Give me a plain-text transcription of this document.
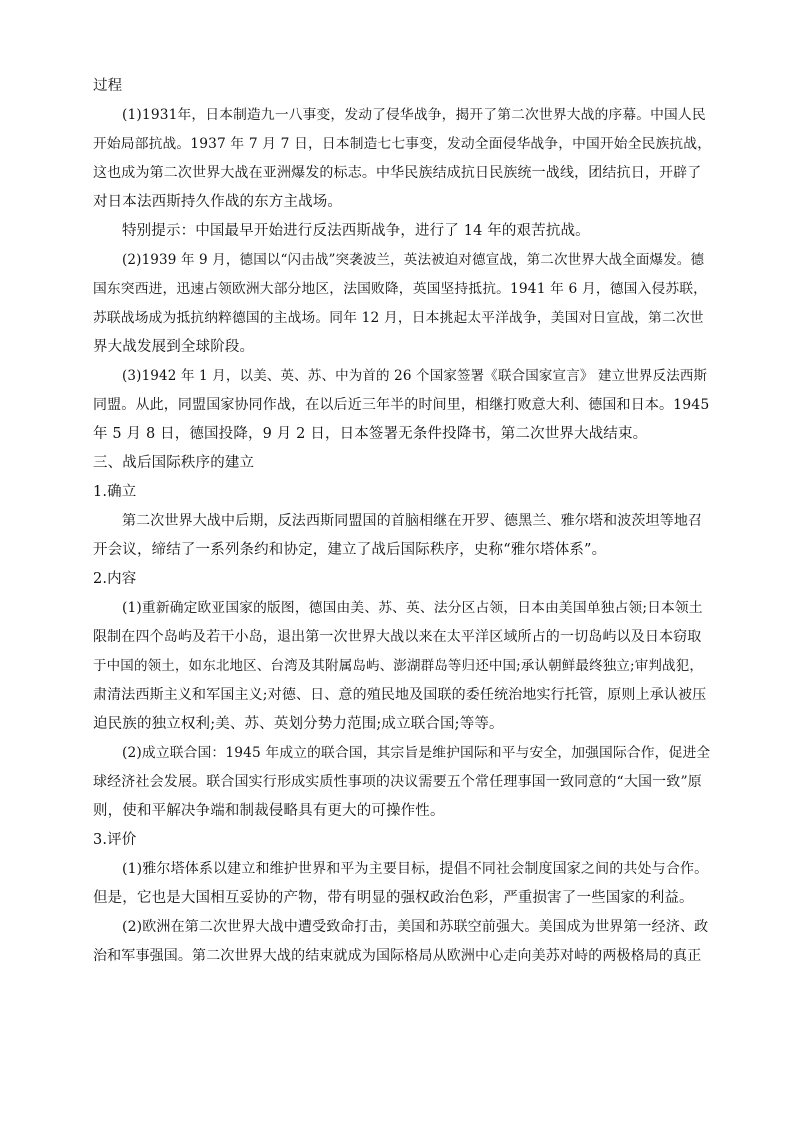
过程
(1)1931年，日本制造九一八事变，发动了侵华战争，揭开了第二次世界大战的序幕。中国人民
开始局部抗战。1937 年 7 月 7 日，日本制造七七事变，发动全面侵华战争，中国开始全民族抗战，
这也成为第二次世界大战在亚洲爆发的标志。中华民族结成抗日民族统一战线，团结抗日，开辟了
对日本法西斯持久作战的东方主战场。
特别提示：中国最早开始进行反法西斯战争，进行了 14 年的艰苦抗战。
(2)1939 年 9 月，德国以“闪击战”突袭波兰，英法被迫对德宣战，第二次世界大战全面爆发。德
国东突西进，迅速占领欧洲大部分地区，法国败降，英国坚持抵抗。1941 年 6 月，德国入侵苏联，
苏联战场成为抵抗纳粹德国的主战场。同年 12 月，日本挑起太平洋战争，美国对日宣战，第二次世
界大战发展到全球阶段。
(3)1942 年 1 月，以美、英、苏、中为首的 26 个国家签署《联合国家宣言》 建立世界反法西斯
同盟。从此，同盟国家协同作战，在以后近三年半的时间里，相继打败意大利、德国和日本。1945
年 5 月 8 日，德国投降，9 月 2 日，日本签署无条件投降书，第二次世界大战结束。
三、战后国际秩序的建立
1.确立
第二次世界大战中后期，反法西斯同盟国的首脑相继在开罗、德黑兰、雅尔塔和波茨坦等地召
开会议，缔结了一系列条约和协定，建立了战后国际秩序，史称“雅尔塔体系”。
2.内容
(1)重新确定欧亚国家的版图，德国由美、苏、英、法分区占领，日本由美国单独占领;日本领土
限制在四个岛屿及若干小岛，退出第一次世界大战以来在太平洋区域所占的一切岛屿以及日本窃取
于中国的领土，如东北地区、台湾及其附属岛屿、澎湖群岛等归还中国;承认朝鲜最终独立;审判战犯，
肃清法西斯主义和军国主义;对德、日、意的殖民地及国联的委任统治地实行托管，原则上承认被压
迫民族的独立权利;美、苏、英划分势力范围;成立联合国;等等。
(2)成立联合国：1945 年成立的联合国，其宗旨是维护国际和平与安全，加强国际合作，促进全
球经济社会发展。联合国实行形成实质性事项的决议需要五个常任理事国一致同意的“大国一致”原
则，使和平解决争端和制裁侵略具有更大的可操作性。
3.评价
(1)雅尔塔体系以建立和维护世界和平为主要目标，提倡不同社会制度国家之间的共处与合作。
但是，它也是大国相互妥协的产物，带有明显的强权政治色彩，严重损害了一些国家的利益。
(2)欧洲在第二次世界大战中遭受致命打击，美国和苏联空前强大。美国成为世界第一经济、政
治和军事强国。第二次世界大战的结束就成为国际格局从欧洲中心走向美苏对峙的两极格局的真正
